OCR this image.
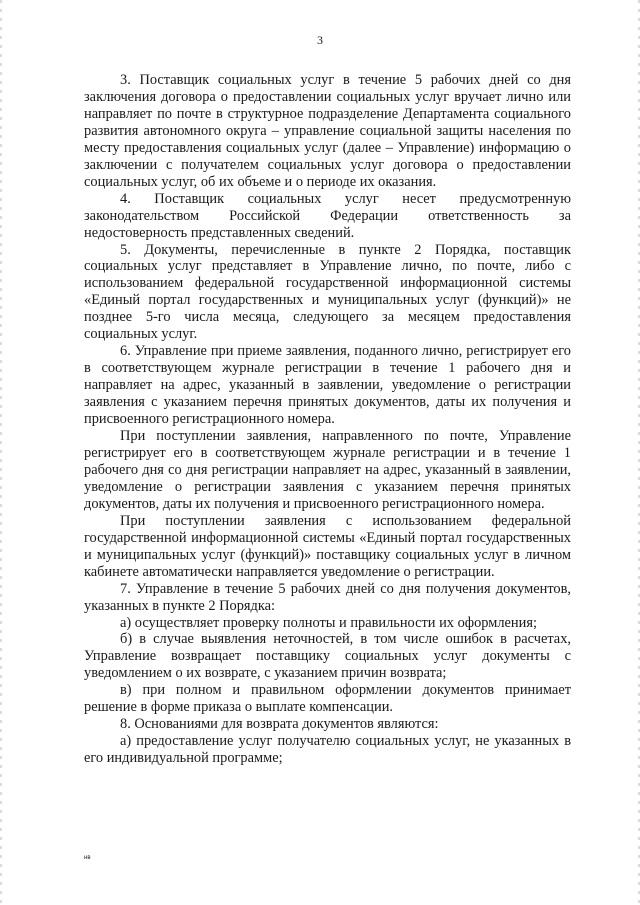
3

3. Поставщик социальных услуг в течение 5 рабочих дней со дня заключения договора о предоставлении социальных услуг вручает лично или направляет по почте в структурное подразделение Департамента социального развития автономного округа – управление социальной защиты населения по месту предоставления социальных услуг (далее – Управление) информацию о заключении с получателем социальных услуг договора о предоставлении социальных услуг, об их объеме и о периоде их оказания.

4. Поставщик социальных услуг несет предусмотренную законодательством Российской Федерации ответственность за недостоверность представленных сведений.

5. Документы, перечисленные в пункте 2 Порядка, поставщик социальных услуг представляет в Управление лично, по почте, либо с использованием федеральной государственной информационной системы «Единый портал государственных и муниципальных услуг (функций)» не позднее 5-го числа месяца, следующего за месяцем предоставления социальных услуг.

6. Управление при приеме заявления, поданного лично, регистрирует его в соответствующем журнале регистрации в течение 1 рабочего дня и направляет на адрес, указанный в заявлении, уведомление о регистрации заявления с указанием перечня принятых документов, даты их получения и присвоенного регистрационного номера.

При поступлении заявления, направленного по почте, Управление регистрирует его в соответствующем журнале регистрации и в течение 1 рабочего дня со дня регистрации направляет на адрес, указанный в заявлении, уведомление о регистрации заявления с указанием перечня принятых документов, даты их получения и присвоенного регистрационного номера.

При поступлении заявления с использованием федеральной государственной информационной системы «Единый портал государственных и муниципальных услуг (функций)» поставщику социальных услуг в личном кабинете автоматически направляется уведомление о регистрации.

7. Управление в течение 5 рабочих дней со дня получения документов, указанных в пункте 2 Порядка:

а) осуществляет проверку полноты и правильности их оформления;

б) в случае выявления неточностей, в том числе ошибок в расчетах, Управление возвращает поставщику социальных услуг документы с уведомлением о их возврате, с указанием причин возврата;

в) при полном и правильном оформлении документов принимает решение в форме приказа о выплате компенсации.

8. Основаниями для возврата документов являются:

а) предоставление услуг получателю социальных услуг, не указанных в его индивидуальной программе;

нв
